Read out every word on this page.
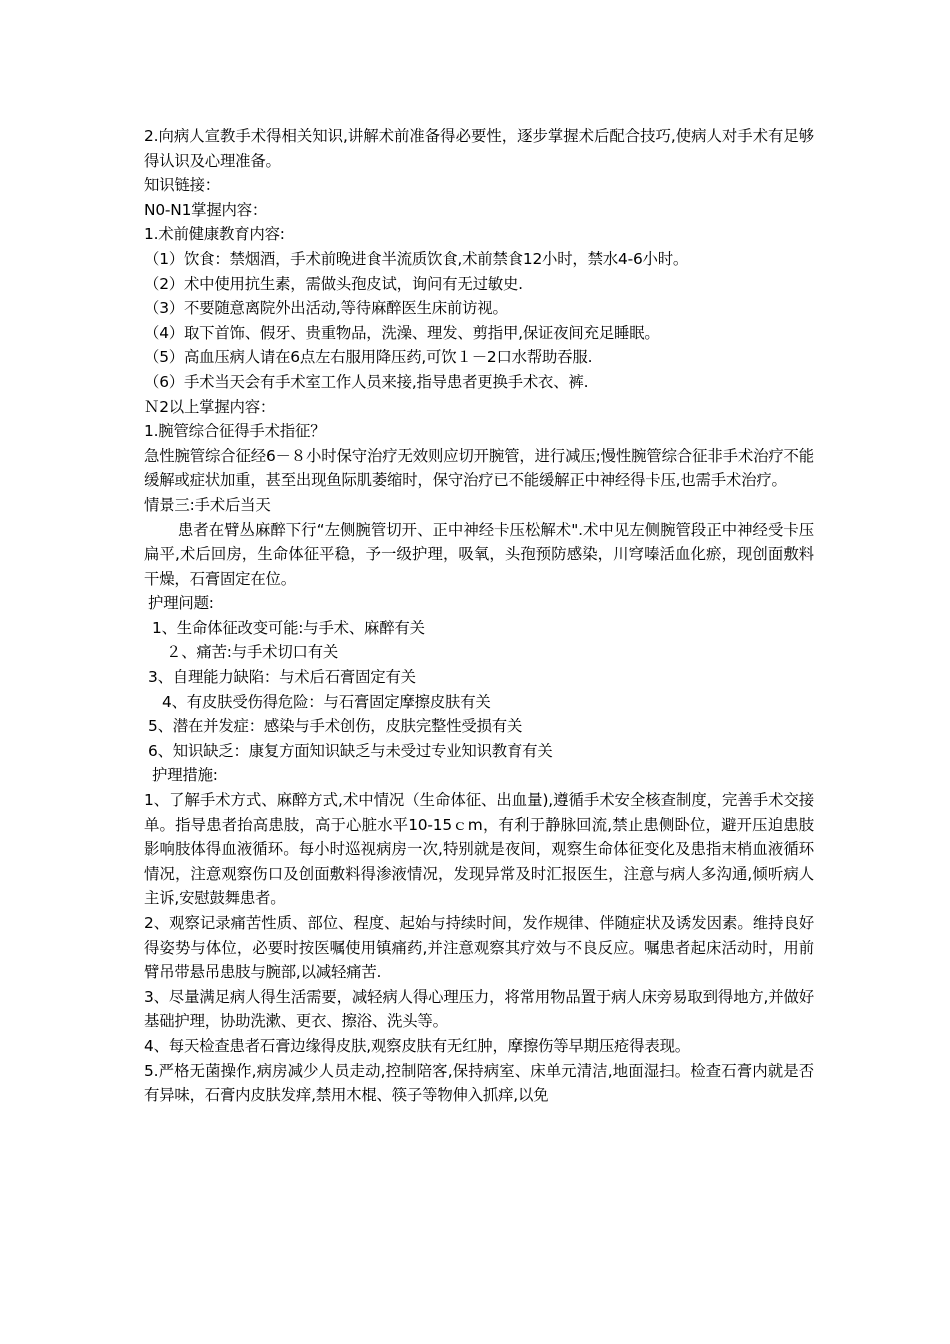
2.向病人宣教手术得相关知识,讲解术前准备得必要性，逐步掌握术后配合技巧,使病人对手术有足够得认识及心理准备。

知识链接：

N0-N1掌握内容：

1.术前健康教育内容:

（1）饮食：禁烟酒，手术前晚进食半流质饮食,术前禁食12小时，禁水4-6小时。

（2）术中使用抗生素，需做头孢皮试，询问有无过敏史.

（3）不要随意离院外出活动,等待麻醉医生床前访视。

（4）取下首饰、假牙、贵重物品，洗澡、理发、剪指甲,保证夜间充足睡眠。

（5）高血压病人请在6点左右服用降压药,可饮１－2口水帮助吞服.

（6）手术当天会有手术室工作人员来接,指导患者更换手术衣、裤.

Ｎ2以上掌握内容：

1.腕管综合征得手术指征？

急性腕管综合征经6－８小时保守治疗无效则应切开腕管，进行减压;慢性腕管综合征非手术治疗不能缓解或症状加重，甚至出现鱼际肌萎缩时，保守治疗已不能缓解正中神经得卡压,也需手术治疗。

情景三:手术后当天

患者在臂丛麻醉下行“左侧腕管切开、正中神经卡压松解术".术中见左侧腕管段正中神经受卡压扁平,术后回房，生命体征平稳，予一级护理，吸氧，头孢预防感染，川穹嗪活血化瘀，现创面敷料干燥，石膏固定在位。

护理问题:

1、生命体征改变可能:与手术、麻醉有关

２、痛苦:与手术切口有关

3、自理能力缺陷：与术后石膏固定有关

4、有皮肤受伤得危险：与石膏固定摩擦皮肤有关

5、潜在并发症：感染与手术创伤，皮肤完整性受损有关

6、知识缺乏：康复方面知识缺乏与未受过专业知识教育有关

护理措施:

1、了解手术方式、麻醉方式,术中情况（生命体征、出血量),遵循手术安全核查制度，完善手术交接单。指导患者抬高患肢，高于心脏水平10-15ｃm，有利于静脉回流,禁止患侧卧位，避开压迫患肢影响肢体得血液循环。每小时巡视病房一次,特别就是夜间，观察生命体征变化及患指末梢血液循环情况，注意观察伤口及创面敷料得渗液情况，发现异常及时汇报医生，注意与病人多沟通,倾听病人主诉,安慰鼓舞患者。

2、观察记录痛苦性质、部位、程度、起始与持续时间，发作规律、伴随症状及诱发因素。维持良好得姿势与体位，必要时按医嘱使用镇痛药,并注意观察其疗效与不良反应。嘱患者起床活动时，用前臂吊带悬吊患肢与腕部,以减轻痛苦.

3、尽量满足病人得生活需要，减轻病人得心理压力，将常用物品置于病人床旁易取到得地方,并做好基础护理，协助洗漱、更衣、擦浴、洗头等。

4、每天检查患者石膏边缘得皮肤,观察皮肤有无红肿，摩擦伤等早期压疮得表现。

5.严格无菌操作,病房减少人员走动,控制陪客,保持病室、床单元清洁,地面湿扫。检查石膏内就是否有异味，石膏内皮肤发痒,禁用木棍、筷子等物伸入抓痒,以免
